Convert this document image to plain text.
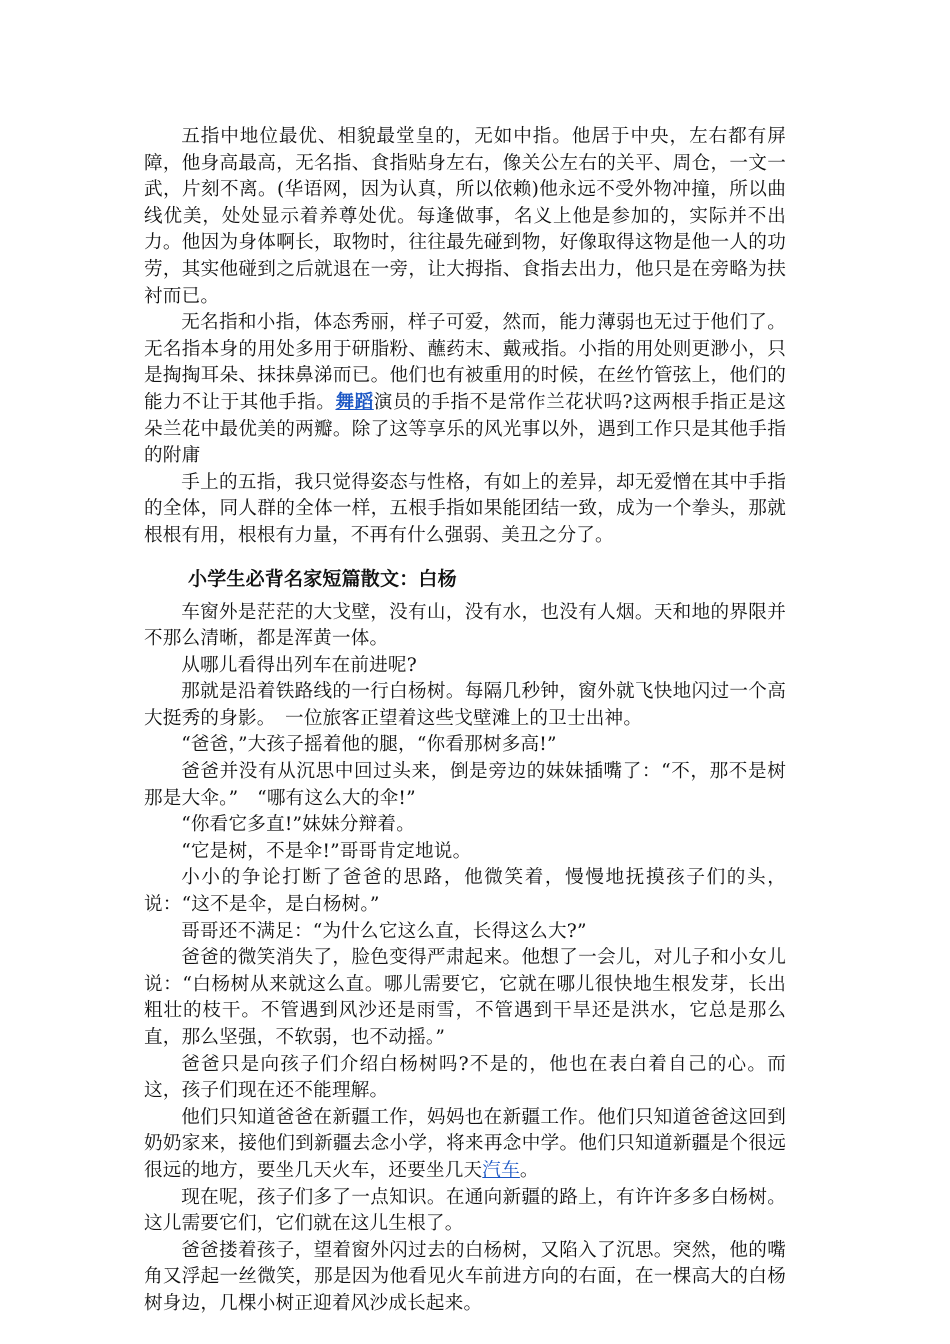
五指中地位最优、相貌最堂皇的，无如中指。他居于中央，左右都有屏障，他身高最高，无名指、食指贴身左右，像关公左右的关平、周仓，一文一武，片刻不离。(华语网，因为认真，所以依赖)他永远不受外物冲撞，所以曲线优美，处处显示着养尊处优。每逢做事，名义上他是参加的，实际并不出力。他因为身体啊长，取物时，往往最先碰到物，好像取得这物是他一人的功劳，其实他碰到之后就退在一旁，让大拇指、食指去出力，他只是在旁略为扶衬而已。

无名指和小指，体态秀丽，样子可爱，然而，能力薄弱也无过于他们了。无名指本身的用处多用于研脂粉、蘸药末、戴戒指。小指的用处则更渺小，只是掏掏耳朵、抹抹鼻涕而已。他们也有被重用的时候，在丝竹管弦上，他们的能力不让于其他手指。舞蹈演员的手指不是常作兰花状吗?这两根手指正是这朵兰花中最优美的两瓣。除了这等享乐的风光事以外，遇到工作只是其他手指的附庸

手上的五指，我只觉得姿态与性格，有如上的差异，却无爱憎在其中手指的全体，同人群的全体一样，五根手指如果能团结一致，成为一个拳头，那就根根有用，根根有力量，不再有什么强弱、美丑之分了。

小学生必背名家短篇散文：白杨

车窗外是茫茫的大戈壁，没有山，没有水，也没有人烟。天和地的界限并不那么清晰，都是浑黄一体。

从哪儿看得出列车在前进呢?

那就是沿着铁路线的一行白杨树。每隔几秒钟，窗外就飞快地闪过一个高大挺秀的身影。　一位旅客正望着这些戈壁滩上的卫士出神。

“爸爸，”大孩子摇着他的腿，“你看那树多高!”

爸爸并没有从沉思中回过头来，倒是旁边的妹妹插嘴了：“不，那不是树那是大伞。”　“哪有这么大的伞!”

“你看它多直!”妹妹分辩着。

“它是树，不是伞!”哥哥肯定地说。

小小的争论打断了爸爸的思路，他微笑着，慢慢地抚摸孩子们的头，说：“这不是伞，是白杨树。”

哥哥还不满足：“为什么它这么直，长得这么大?”

爸爸的微笑消失了，脸色变得严肃起来。他想了一会儿，对儿子和小女儿说：“白杨树从来就这么直。哪儿需要它，它就在哪儿很快地生根发芽，长出粗壮的枝干。不管遇到风沙还是雨雪，不管遇到干旱还是洪水，它总是那么直，那么坚强，不软弱，也不动摇。”

爸爸只是向孩子们介绍白杨树吗?不是的，他也在表白着自己的心。而这，孩子们现在还不能理解。

他们只知道爸爸在新疆工作，妈妈也在新疆工作。他们只知道爸爸这回到奶奶家来，接他们到新疆去念小学，将来再念中学。他们只知道新疆是个很远很远的地方，要坐几天火车，还要坐几天汽车。

现在呢，孩子们多了一点知识。在通向新疆的路上，有许许多多白杨树。这儿需要它们，它们就在这儿生根了。

爸爸搂着孩子，望着窗外闪过去的白杨树，又陷入了沉思。突然，他的嘴角又浮起一丝微笑，那是因为他看见火车前进方向的右面，在一棵高大的白杨树身边，几棵小树正迎着风沙成长起来。
